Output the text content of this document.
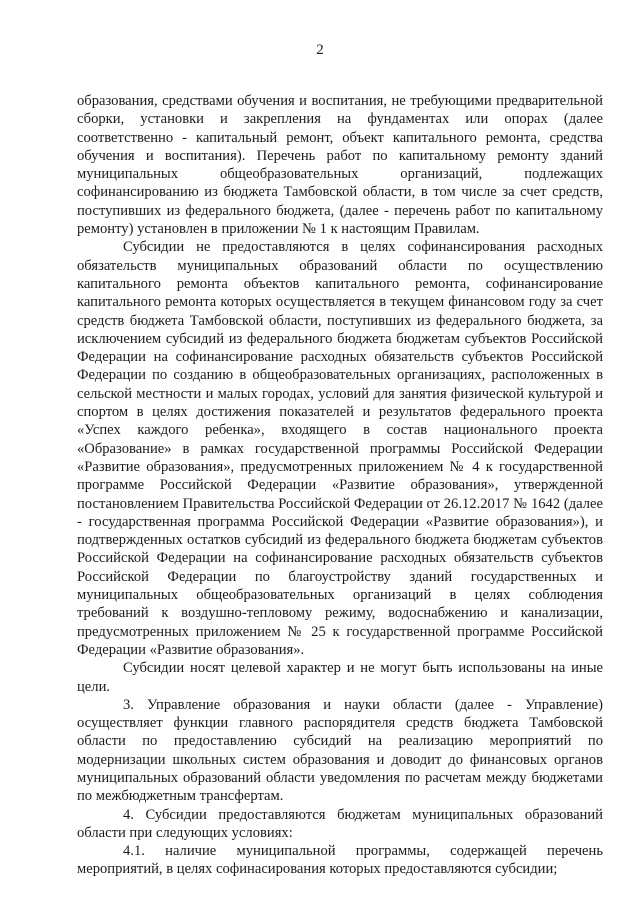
2

образования, средствами обучения и воспитания, не требующими предварительной сборки, установки и закрепления на фундаментах или опорах (далее соответственно - капитальный ремонт, объект капитального ремонта, средства обучения и воспитания). Перечень работ по капитальному ремонту зданий муниципальных общеобразовательных организаций, подлежащих софинансированию из бюджета Тамбовской области, в том числе за счет средств, поступивших из федерального бюджета, (далее - перечень работ по капитальному ремонту) установлен в приложении № 1 к настоящим Правилам.

Субсидии не предоставляются в целях софинансирования расходных обязательств муниципальных образований области по осуществлению капитального ремонта объектов капитального ремонта, софинансирование капитального ремонта которых осуществляется в текущем финансовом году за счет средств бюджета Тамбовской области, поступивших из федерального бюджета, за исключением субсидий из федерального бюджета бюджетам субъектов Российской Федерации на софинансирование расходных обязательств субъектов Российской Федерации по созданию в общеобразовательных организациях, расположенных в сельской местности и малых городах, условий для занятия физической культурой и спортом в целях достижения показателей и результатов федерального проекта «Успех каждого ребенка», входящего в состав национального проекта «Образование» в рамках государственной программы Российской Федерации «Развитие образования», предусмотренных приложением № 4 к государственной программе Российской Федерации «Развитие образования», утвержденной постановлением Правительства Российской Федерации от 26.12.2017 № 1642 (далее - государственная программа Российской Федерации «Развитие образования»), и подтвержденных остатков субсидий из федерального бюджета бюджетам субъектов Российской Федерации на софинансирование расходных обязательств субъектов Российской Федерации по благоустройству зданий государственных и муниципальных общеобразовательных организаций в целях соблюдения требований к воздушно-тепловому режиму, водоснабжению и канализации, предусмотренных приложением № 25 к государственной программе Российской Федерации «Развитие образования».

Субсидии носят целевой характер и не могут быть использованы на иные цели.

3. Управление образования и науки области (далее - Управление) осуществляет функции главного распорядителя средств бюджета Тамбовской области по предоставлению субсидий на реализацию мероприятий по модернизации школьных систем образования и доводит до финансовых органов муниципальных образований области уведомления по расчетам между бюджетами по межбюджетным трансфертам.

4. Субсидии предоставляются бюджетам муниципальных образований области при следующих условиях:

4.1. наличие муниципальной программы, содержащей перечень мероприятий, в целях софинасирования которых предоставляются субсидии;
